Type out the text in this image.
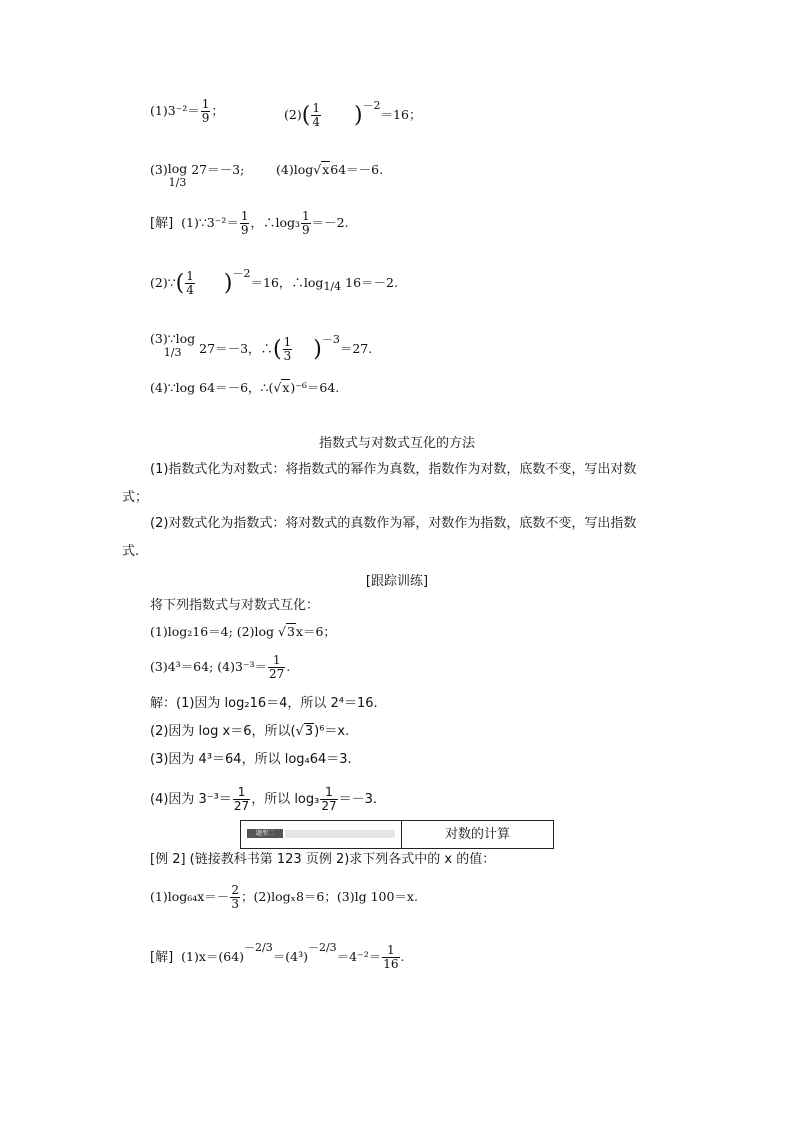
$(1)3^{-2}= \frac{1}{9}$ ；	$(2)( \frac{1}{4} )-2=16$；
(3)log
1/3
27＝－3;	(4)log√x64＝－6.
[解] (1)∵3⁻²＝ $\frac{1}{9}$ ，∴log₃ $\frac{1}{9} =-2$.
(2)∵( $\frac{1}{4} )-2=16$，∴log 1/4 16＝－2.
(3)∵log
1/3	27＝－3，∴( $\frac{1}{3} )-3=27$.
(4)∵log 64＝－6，∴(√x)⁻⁶＝64.
指数式与对数式互化的方法
(1)指数式化为对数式：将指数式的幂作为真数，指数作为对数，底数不变，写出对数
式；
(2)对数式化为指数式：将对数式的真数作为幂，对数作为指数，底数不变，写出指数
式.
[跟踪训练]
将下列指数式与对数式互化：
(1)log₂16＝4; (2)log √3x＝6；
(3)4³＝64; $(4)3^{-3}= \frac{1}{27}$ .
解：(1)因为 log₂16＝4，所以 2⁴＝16.
(2)因为 log x＝6，所以(√3)⁶＝x.
(3)因为 4³＝64，所以 log₄64＝3.
(4)因为 $3^{-3}= \frac{1}{27}$ ，所以 $\log_3 \frac{1}{27} =-3$.
题型二	对数的计算
[例 2] (链接教科书第 123 页例 2)求下列各式中的 x 的值：
$(1)\log_{64}x=- \frac{2}{3}$ ；(2)logₓ8＝6；(3)lg 100＝x.
[解] $(1)x=(64)-2/3=(4^3)-2/3=4^{-2}= \frac{1}{16}$ .
